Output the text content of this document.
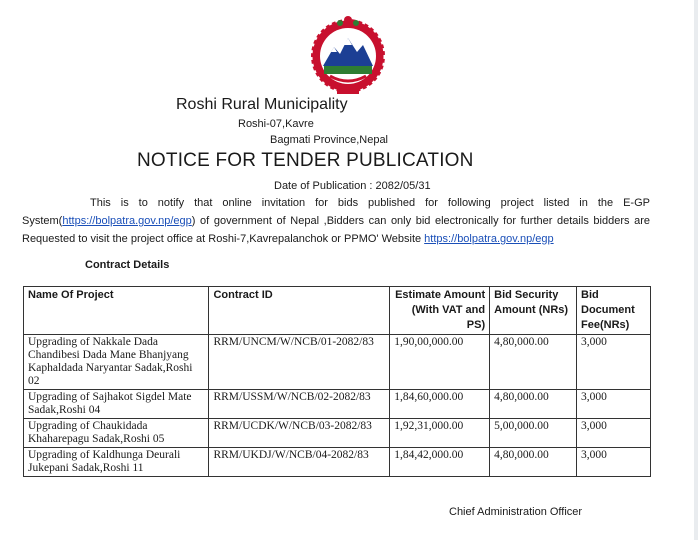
Roshi Rural Municipality
Roshi-07,Kavre
Bagmati Province,Nepal
NOTICE FOR TENDER PUBLICATION
Date of Publication : 2082/05/31
This is to notify that online invitation for bids published for following project listed in the E-GP System(https://bolpatra.gov.np/egp) of government of Nepal ,Bidders can only bid electronically for further details bidders are Requested to visit the project office at Roshi-7,Kavrepalanchok or PPMO' Website https://bolpatra.gov.np/egp
Contract Details
Name Of Project	Contract ID	Estimate Amount (With VAT and PS)	Bid Security Amount (NRs)	Bid Document Fee(NRs)
Upgrading of Nakkale Dada Chandibesi Dada Mane Bhanjyang Kaphaldada Naryantar Sadak,Roshi 02	RRM/UNCM/W/NCB/01-2082/83	1,90,00,000.00	4,80,000.00	3,000
Upgrading of Sajhakot Sigdel Mate Sadak,Roshi 04	RRM/USSM/W/NCB/02-2082/83	1,84,60,000.00	4,80,000.00	3,000
Upgrading of Chaukidada Khaharepagu Sadak,Roshi 05	RRM/UCDK/W/NCB/03-2082/83	1,92,31,000.00	5,00,000.00	3,000
Upgrading of Kaldhunga Deurali Jukepani Sadak,Roshi 11	RRM/UKDJ/W/NCB/04-2082/83	1,84,42,000.00	4,80,000.00	3,000
Chief Administration Officer
